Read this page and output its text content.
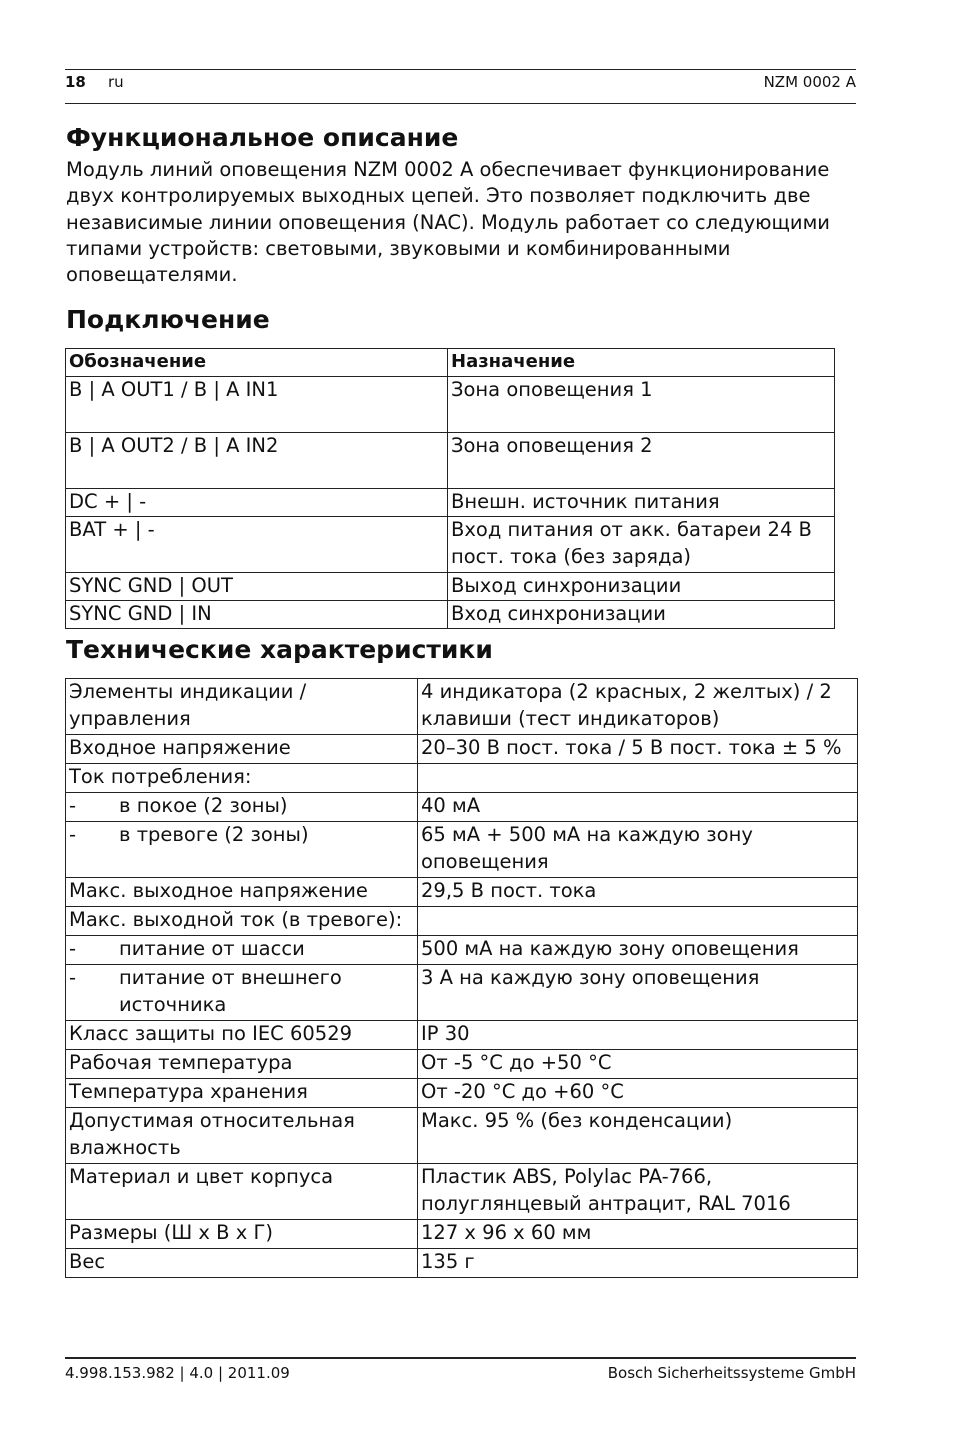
18 ru	NZM 0002 A
Функциональное описание

Модуль линий оповещения NZM 0002 A обеспечивает функционирование
двух контролируемых выходных цепей. Это позволяет подключить две
независимые линии оповещения (NAC). Модуль работает со следующими
типами устройств: световыми, звуковыми и комбинированными
оповещателями.

Подключение
Обозначение	Назначение
B | A OUT1 / B | A IN1	Зона оповещения 1
B | A OUT2 / B | A IN2	Зона оповещения 2
DC + | -	Внешн. источник питания
BAT + | -	Вход питания от акк. батареи 24 В пост. тока (без заряда)
SYNC GND | OUT	Выход синхронизации
SYNC GND | IN	Вход синхронизации
Технические характеристики
Элементы индикации / управления	4 индикатора (2 красных, 2 желтых) / 2 клавиши (тест индикаторов)
Входное напряжение	20–30 В пост. тока / 5 В пост. тока ± 5 %
Ток потребления:	

- в покое (2 зоны)	40 мА

- в тревоге (2 зоны)	65 мА + 500 мА на каждую зону оповещения
Макс. выходное напряжение	29,5 В пост. тока
Макс. выходной ток (в тревоге):	

- питание от шасси	500 мА на каждую зону оповещения

- питание от внешнего источника	3 А на каждую зону оповещения
Класс защиты по IEC 60529	IP 30
Рабочая температура	От -5 °C до +50 °C
Температура хранения	От -20 °C до +60 °C
Допустимая относительная влажность	Макс. 95 % (без конденсации)
Материал и цвет корпуса	Пластик ABS, Polylac PA-766, полуглянцевый антрацит, RAL 7016
Размеры (Ш x В x Г)	127 x 96 x 60 мм
Вес	135 г
4.998.153.982 | 4.0 | 2011.09	Bosch Sicherheitssysteme GmbH
